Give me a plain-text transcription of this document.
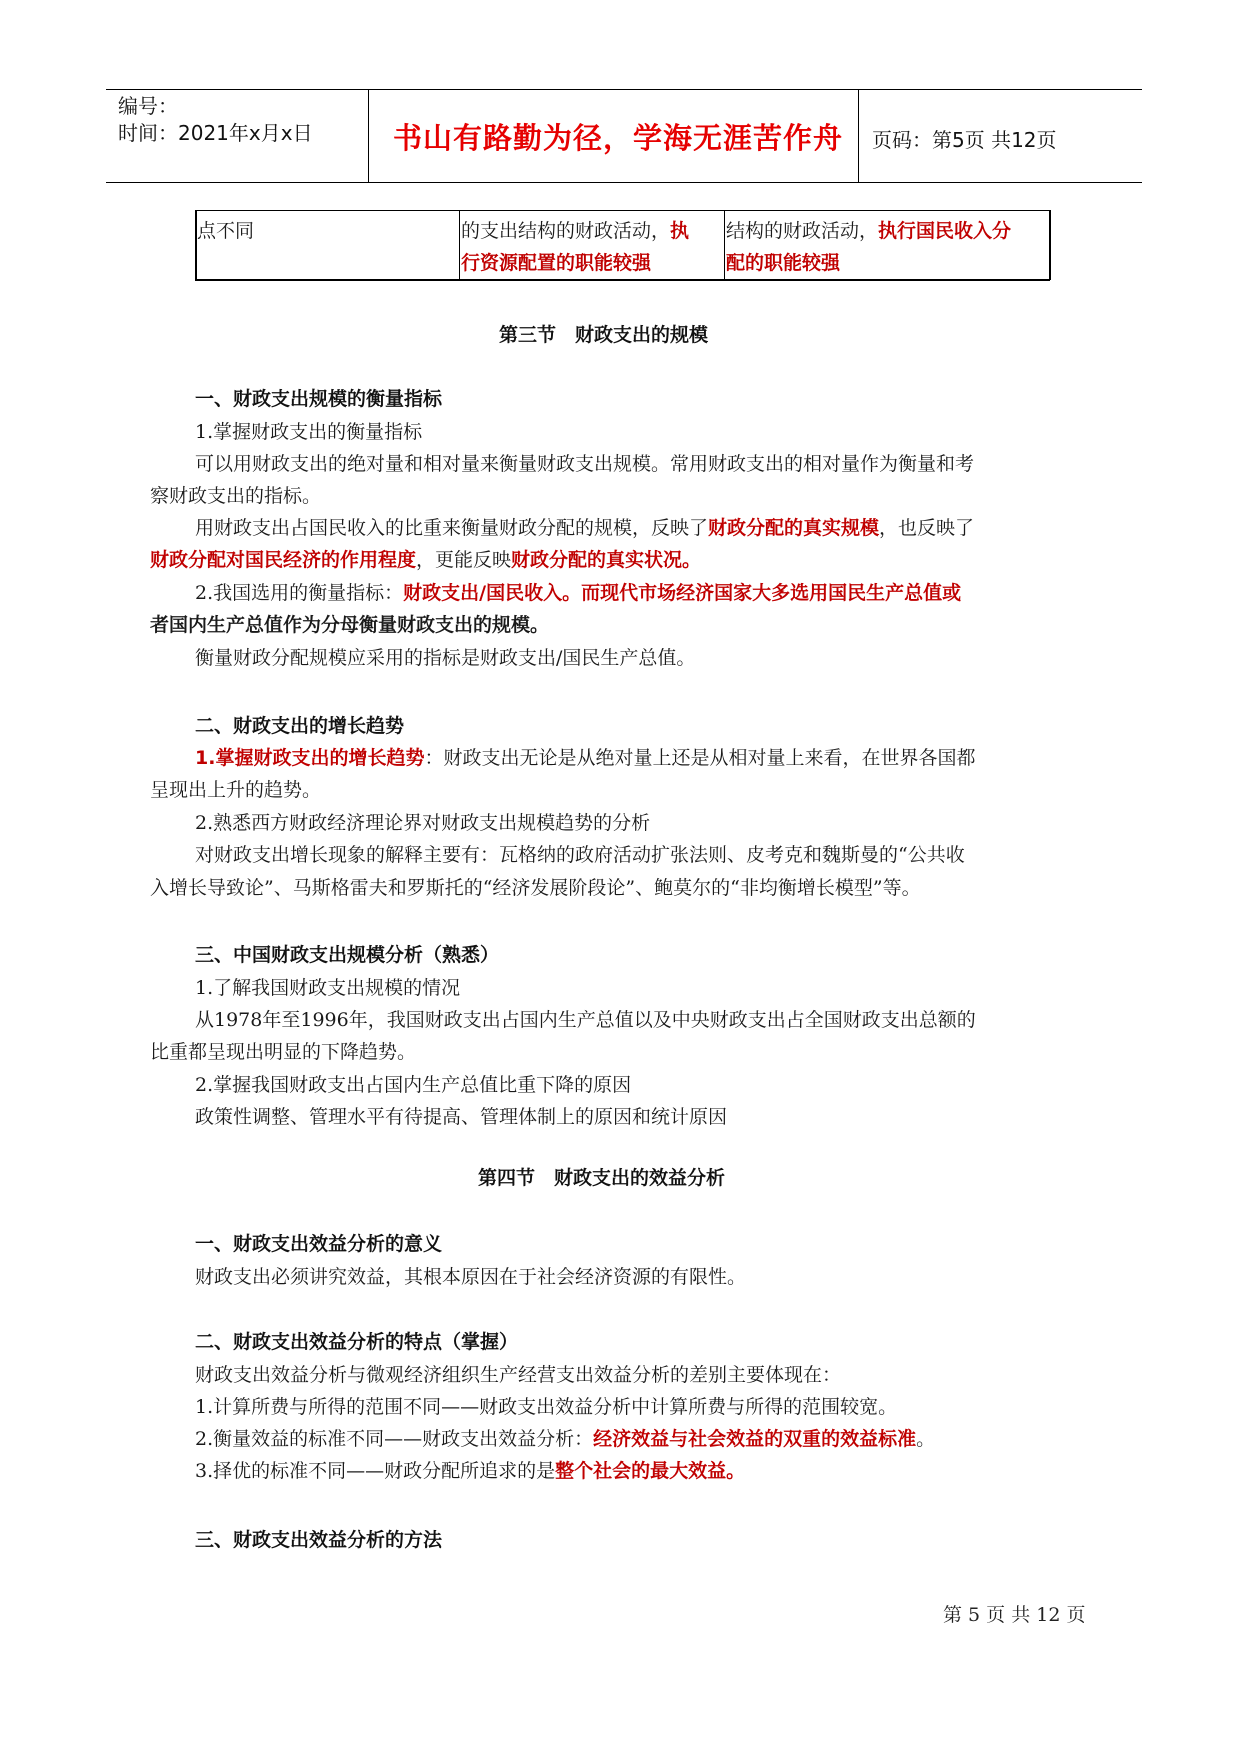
编号：
时间：2021年x月x日	书山有路勤为径，学海无涯苦作舟 页码：第5页 共12页
点不同	的支出结构的财政活动，执
行资源配置的职能较强
结构的财政活动，执行国民收入分
配的职能较强
第三节　财政支出的规模
一、财政支出规模的衡量指标
1.掌握财政支出的衡量指标
可以用财政支出的绝对量和相对量来衡量财政支出规模。常用财政支出的相对量作为衡量和考
察财政支出的指标。
用财政支出占国民收入的比重来衡量财政分配的规模，反映了财政分配的真实规模，也反映了
财政分配对国民经济的作用程度，更能反映财政分配的真实状况。
2.我国选用的衡量指标：财政支出/国民收入。而现代市场经济国家大多选用国民生产总值或
者国内生产总值作为分母衡量财政支出的规模。
衡量财政分配规模应采用的指标是财政支出/国民生产总值。
二、财政支出的增长趋势
1.掌握财政支出的增长趋势：财政支出无论是从绝对量上还是从相对量上来看，在世界各国都
呈现出上升的趋势。
2.熟悉西方财政经济理论界对财政支出规模趋势的分析
对财政支出增长现象的解释主要有：瓦格纳的政府活动扩张法则、皮考克和魏斯曼的“公共收
入增长导致论”、马斯格雷夫和罗斯托的“经济发展阶段论”、鲍莫尔的“非均衡增长模型”等。
三、中国财政支出规模分析（熟悉）
1.了解我国财政支出规模的情况
从1978年至1996年，我国财政支出占国内生产总值以及中央财政支出占全国财政支出总额的
比重都呈现出明显的下降趋势。
2.掌握我国财政支出占国内生产总值比重下降的原因
政策性调整、管理水平有待提高、管理体制上的原因和统计原因
第四节　财政支出的效益分析
一、财政支出效益分析的意义
财政支出必须讲究效益，其根本原因在于社会经济资源的有限性。
二、财政支出效益分析的特点（掌握）
财政支出效益分析与微观经济组织生产经营支出效益分析的差别主要体现在：
1.计算所费与所得的范围不同——财政支出效益分析中计算所费与所得的范围较宽。
2.衡量效益的标准不同——财政支出效益分析：经济效益与社会效益的双重的效益标准。
3.择优的标准不同——财政分配所追求的是整个社会的最大效益。
三、财政支出效益分析的方法
第 5 页 共 12 页
